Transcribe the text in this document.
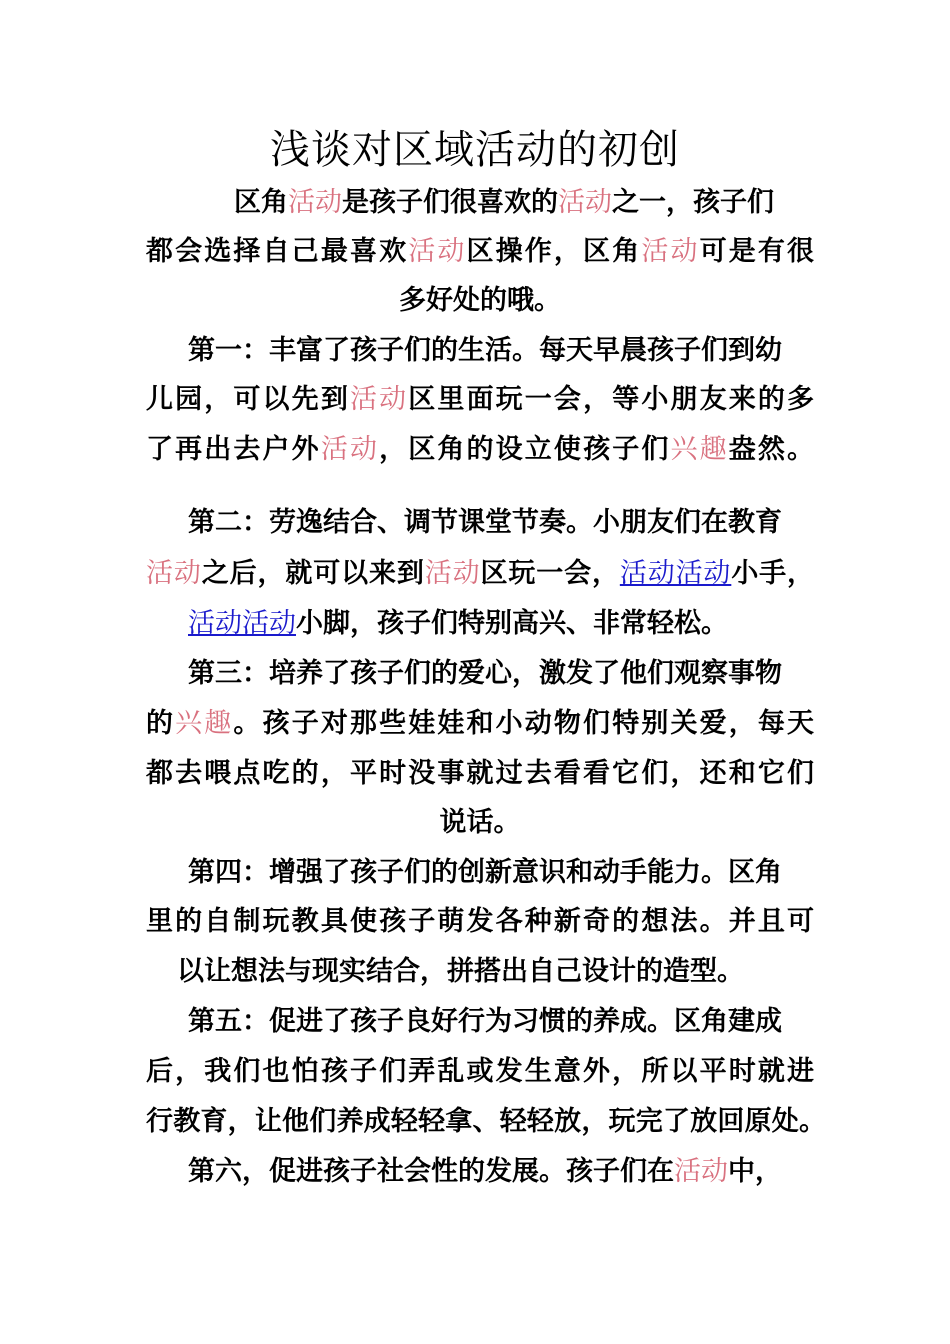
浅谈对区域活动的初创
区角活动是孩子们很喜欢的活动之一，孩子们
都会选择自己最喜欢活动区操作，区角活动可是有很
多好处的哦。
第一：丰富了孩子们的生活。每天早晨孩子们到幼
儿园，可以先到活动区里面玩一会，等小朋友来的多
了再出去户外活动，区角的设立使孩子们兴趣盎然。
第二：劳逸结合、调节课堂节奏。小朋友们在教育
活动之后，就可以来到活动区玩一会，活动活动小手，
活动活动小脚，孩子们特别高兴、非常轻松。
第三：培养了孩子们的爱心，激发了他们观察事物
的兴趣。孩子对那些娃娃和小动物们特别关爱，每天
都去喂点吃的，平时没事就过去看看它们，还和它们
说话。
第四：增强了孩子们的创新意识和动手能力。区角
里的自制玩教具使孩子萌发各种新奇的想法。并且可
以让想法与现实结合，拼搭出自己设计的造型。
第五：促进了孩子良好行为习惯的养成。区角建成
后，我们也怕孩子们弄乱或发生意外，所以平时就进
行教育，让他们养成轻轻拿、轻轻放，玩完了放回原处。
第六，促进孩子社会性的发展。孩子们在活动中，
